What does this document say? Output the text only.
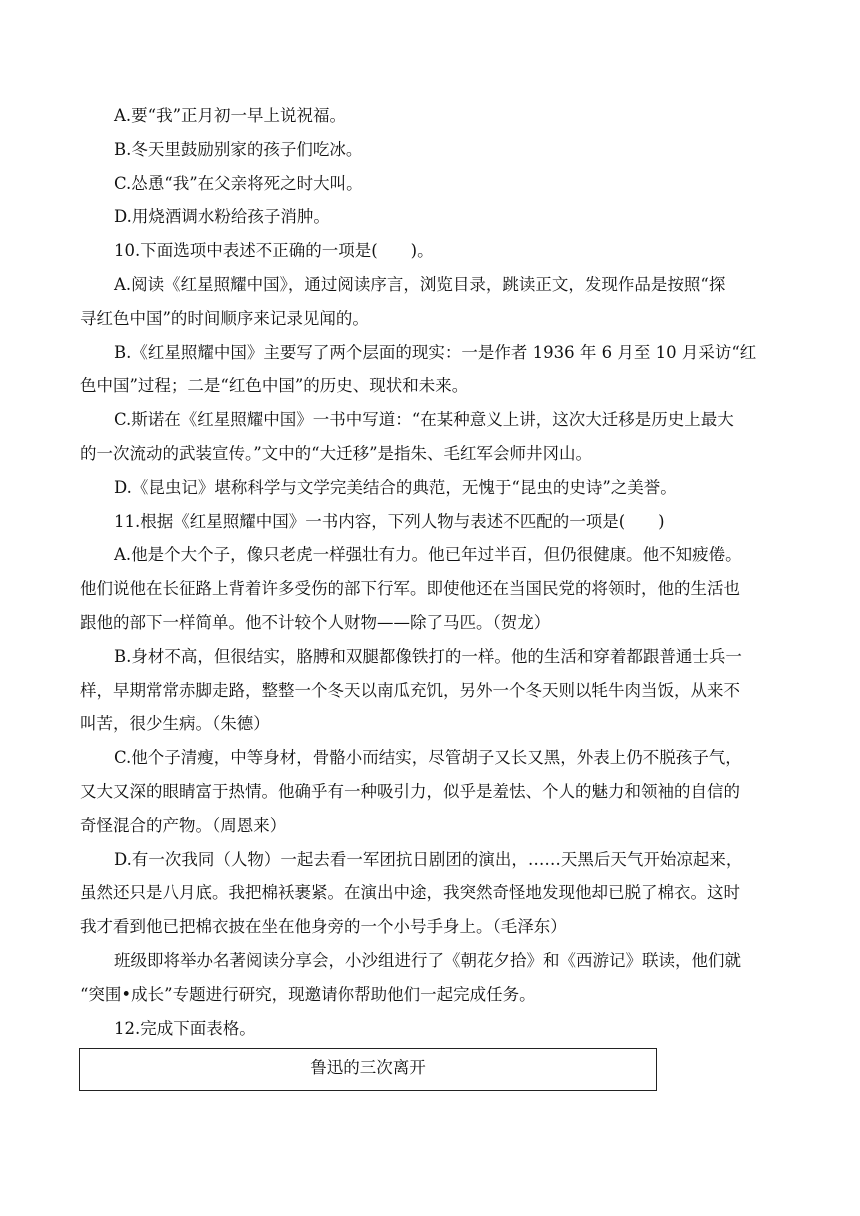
A.要“我”正月初一早上说祝福。
B.冬天里鼓励别家的孩子们吃冰。
C.怂恿“我”在父亲将死之时大叫。
D.用烧酒调水粉给孩子消肿。
10.下面选项中表述不正确的一项是(　　)。
A.阅读《红星照耀中国》，通过阅读序言，浏览目录，跳读正文，发现作品是按照“探
寻红色中国”的时间顺序来记录见闻的。
B.《红星照耀中国》主要写了两个层面的现实：一是作者 1936 年 6 月至 10 月采访“红
色中国”过程；二是“红色中国”的历史、现状和未来。
C.斯诺在《红星照耀中国》一书中写道：“在某种意义上讲，这次大迁移是历史上最大
的一次流动的武装宣传。”文中的“大迁移”是指朱、毛红军会师井冈山。
D.《昆虫记》堪称科学与文学完美结合的典范，无愧于“昆虫的史诗”之美誉。
11.根据《红星照耀中国》一书内容，下列人物与表述不匹配的一项是(　　)
A.他是个大个子，像只老虎一样强壮有力。他已年过半百，但仍很健康。他不知疲倦。
他们说他在长征路上背着许多受伤的部下行军。即使他还在当国民党的将领时，他的生活也
跟他的部下一样简单。他不计较个人财物——除了马匹。（贺龙）
B.身材不高，但很结实，胳膊和双腿都像铁打的一样。他的生活和穿着都跟普通士兵一
样，早期常常赤脚走路，整整一个冬天以南瓜充饥，另外一个冬天则以牦牛肉当饭，从来不
叫苦，很少生病。（朱德）
C.他个子清瘦，中等身材，骨骼小而结实，尽管胡子又长又黑，外表上仍不脱孩子气，
又大又深的眼睛富于热情。他确乎有一种吸引力，似乎是羞怯、个人的魅力和领袖的自信的
奇怪混合的产物。（周恩来）
D.有一次我同（人物）一起去看一军团抗日剧团的演出，……天黑后天气开始凉起来，
虽然还只是八月底。我把棉袄裹紧。在演出中途，我突然奇怪地发现他却已脱了棉衣。这时
我才看到他已把棉衣披在坐在他身旁的一个小号手身上。（毛泽东）
班级即将举办名著阅读分享会，小沙组进行了《朝花夕拾》和《西游记》联读，他们就
“突围•成长”专题进行研究，现邀请你帮助他们一起完成任务。
12.完成下面表格。
鲁迅的三次离开
